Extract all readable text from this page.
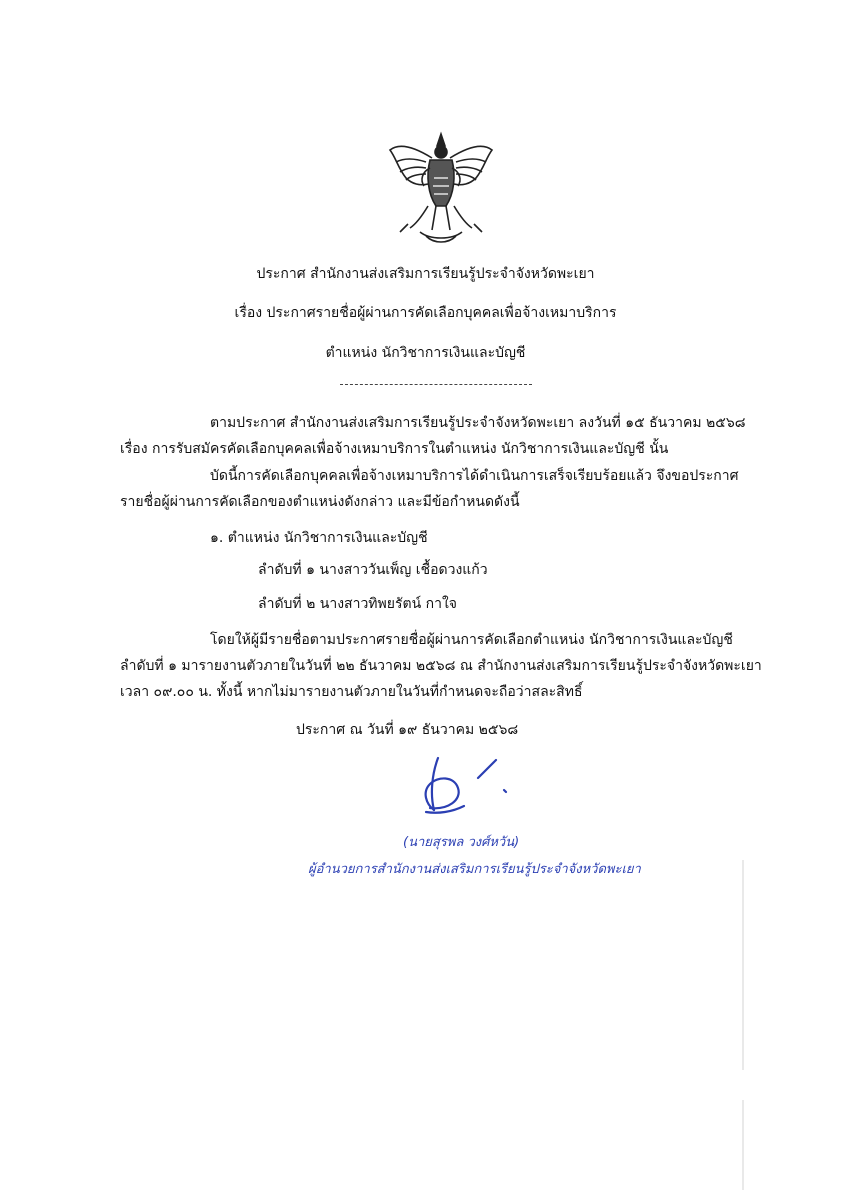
ประกาศ สำนักงานส่งเสริมการเรียนรู้ประจำจังหวัดพะเยา
เรื่อง ประกาศรายชื่อผู้ผ่านการคัดเลือกบุคคลเพื่อจ้างเหมาบริการ
ตำแหน่ง นักวิชาการเงินและบัญชี
ตามประกาศ สำนักงานส่งเสริมการเรียนรู้ประจำจังหวัดพะเยา ลงวันที่ ๑๕ ธันวาคม ๒๕๖๘
เรื่อง การรับสมัครคัดเลือกบุคคลเพื่อจ้างเหมาบริการในตำแหน่ง นักวิชาการเงินและบัญชี นั้น
บัดนี้การคัดเลือกบุคคลเพื่อจ้างเหมาบริการได้ดำเนินการเสร็จเรียบร้อยแล้ว จึงขอประกาศ
รายชื่อผู้ผ่านการคัดเลือกของตำแหน่งดังกล่าว และมีข้อกำหนดดังนี้
๑. ตำแหน่ง นักวิชาการเงินและบัญชี
ลำดับที่ ๑ นางสาววันเพ็ญ เชื้อดวงแก้ว
ลำดับที่ ๒ นางสาวทิพยรัตน์ กาใจ
โดยให้ผู้มีรายชื่อตามประกาศรายชื่อผู้ผ่านการคัดเลือกตำแหน่ง นักวิชาการเงินและบัญชี
ลำดับที่ ๑ มารายงานตัวภายในวันที่ ๒๒ ธันวาคม ๒๕๖๘ ณ สำนักงานส่งเสริมการเรียนรู้ประจำจังหวัดพะเยา
เวลา ๐๙.๐๐ น. ทั้งนี้ หากไม่มารายงานตัวภายในวันที่กำหนดจะถือว่าสละสิทธิ์
ประกาศ ณ วันที่ ๑๙ ธันวาคม ๒๕๖๘
(นายสุรพล วงศ์หวัน)
ผู้อำนวยการสำนักงานส่งเสริมการเรียนรู้ประจำจังหวัดพะเยา
